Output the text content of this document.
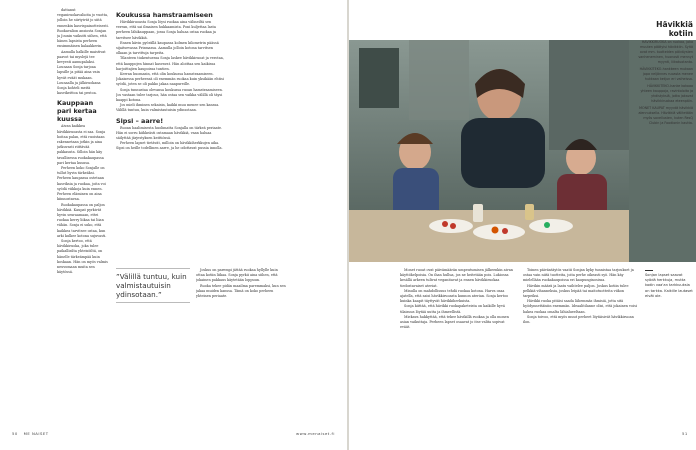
dattanut veganiruokavalioita jo vuotta, jolloin he siirtyivät jo siitä ennenkin kasvispainotteisesti. Ruokavalion ansiosta Sonjan ja Jounin vaikutti siihen, että hänen lapsista perheen ensimmäinen kalaakkerin.

Aamulla halkille maistivat paavot tai myslejä tee kevyesti aamupalaksi. Lounaan Sonja tarjoaa lapsille ja pitää aina vain hyvät eväät mukaan. Lounaalla ja jälkiruokana Sonja kohteli meitä kasvikeittoa tai pestoa.

Kauppaan pari kertaa kuussa

Aivan kaikkea hävikkiruoasta ei saa. Sonja hoitaa palan, että ruoistaan rakennetaan jotkin ja aina jatkuvasti riittävää pakkausta. Silloin hän käy tavallisessa ruokakaupassa pari kertaa kuussa.

Perheen koko Sonjalle on tullut hyvin tärkeäksi. Perheen kaupassa ostetaan kasviksia ja ruokaa, joita voi syödä viikkoja kuin ennen. Perheen eläminen on aina kiinnostavaa.

Ruokakaupassa on paljon hävikkiä. Kaupat pyrkivät hyvin seuraamaan, ettei ruokaa kerry liikaa tai liian vähän. Sonja ei usko, että kaikkea tarvitsee ostaa, kun arki kulkee kotona sujuvasti.

Sonja kertoo, että hävikkiruoka, joka tulee paikallisilta yhteisöiltä, on hänelle tärkeämpää kuin koskaan. Hän on myös valmis neuvomaan muita sen käytössä.

Koukussa hamstraamiseen

Hävikkiruoasta Sonja löysi ruokaa aina välineiltä sen verran, että sai ilmaisen hukkaamista. Poni kuljettaa lasta perheen lähikauppaan, jossa Sonja haluaa ostaa ruokaa ja tarvitsee hävikkiä.

Ennen kävin pyörällä kaupassa kolmen kilometrin päässä sijaitsevassa Prismassa. Aamulla jolloin kotona tarvitsen olkaan ja tarvittuja tarpeita.

Tilanteen tiukentuessa Sonja laskee hävikkiruoat ja verotaa, että kauppojen hinnat kasvavat. Hän aloittaa sen kaikissa harjoittajien kaupoissa tuntien.

Kerran huomasin, että olin koukussa hamstraamiseen. Jokaisessa perheessä oli enemmän ruokaa kuin yksikään ehtisi syödä, joten se oli pakko jakaa naapureille.

Sonja tunnustaa olevansa koukussa ruoan hamstraamiseen. Jos vastaan tulee tarjous, hän ostaa sen vaikka välillä oli täysi kaappi kotona.

Jos mieli ihminen sekaisin, kaikki muu menee sen kanssa. Välillä tuntuu, kuin valmistautuisin ydinsotaan.

Sipsi – aarre!

Ruoan haalimisesta huolimatta Sonjalla on tärkeä periaate. Hän ei sorru kiihkeästi ostamaan hävikkiä, vaan haluaa säilyttää järjestyksen keittiössä.

Perheen lapset tietävät, milloin on hävikkiherkkujen aika. Sipsi on heille todellinen aarre, ja he odottavat pussia innolla.

”Välillä tuntuu, kuin valmistautuisin ydinsotaan.”

Joskus on parempi jättää ruokaa hyllylle kuin ottaa kotiin liikaa. Sonja pyrkii aina siihen, että jokainen pakkaus käytetään loppuun.

Ruoka tekee pidän maailma paremmaksi, kun sen jakaa muiden kanssa. Tämä on koko perheen yhteinen periaate.

50 ME NAISET	www.menaiset.fi
Hävikkiä kotiin

HÄVIKKIRUOKA on ruokaa, joka muuten päätyisi hävikkiin. Syitä ovat mm. tuotteiden päiväysten vanheneminen, huonosti mennyt myynti, liikatuotanto.

HÄVIKKITEKO-hankkeen mukaan jopa neljännes ruoasta menee hukkaan ketjun eri vaiheissa.

HÄVIKKITEKO-hanke kokoaa yhteen kauppoja, ravintoloita ja yhdistyksiä, jotka jakavat hävikkiruokaa eteenpäin.

MONET KAUPAT myyvät hävikkiä alennuksella. Hävikkiä välitetään myös sovellusten, kuten ResQ Clubin ja Foodionin kautta.

Monet ruoat ovat päivämäärän umpeutumisen jälkeenkin aivan käyttökelpoisia. On ihan hullua, jos ne heitetään pois. Lukiossa kesällä arkeen tulivat veganitavat ja ennen hävikkiruokaa tiedostavaiset ateriat.

Minulla on mahdollisuus tehdä ruokaa kotona. Harva osaa ajatella, että saisi hävikkiruoasta kunnon aterian. Sonja kertoo kuinka kaapit täyttyvät hävikkiherkuista.

Sonja kiittää, että hävikki ruokapaketeista on kaikille hyvä tilaisuus löytää uutta ja ihmeellistä.

Miekava hakkyttää, että tekee hävikillä ruokaa ja olla monen asian vaikuttaja. Perheen lapset osaavat jo itse valita sopivat eväät.

Toinen päiväntäytös vaatii Sonjan kyky tunnistaa tarjoukset ja ostaa vain niitä tuotteita, joita perhe oikeasti syö. Hän käy mielellään ruokakaupoissa eri kaupunginosissa.

Hävikin määrä ja laatu vaihtelee paljon. Joskus kotiin tulee pelkkiä vihanneksia, joskus leipää tai maitotuotteita viikon tarpeiksi.

Hävikki ruoka pitäisi saada lähemmäs ihmisiä, jotta sitä hyödynnettäisiin enemmän. Ideaalitilanne olisi, että jokainen voisi hakea ruokaa omalta lähialueeltaan.

Sonja toivoo, että myös muut perheet löytäisivät hävikkiruoan ilon.

Sonjan lapset saavat syödä herkkuja, mutta kodin vaa'an tarkkuuksia on tarkka. Kaikille lautaset eivät ole.
51
